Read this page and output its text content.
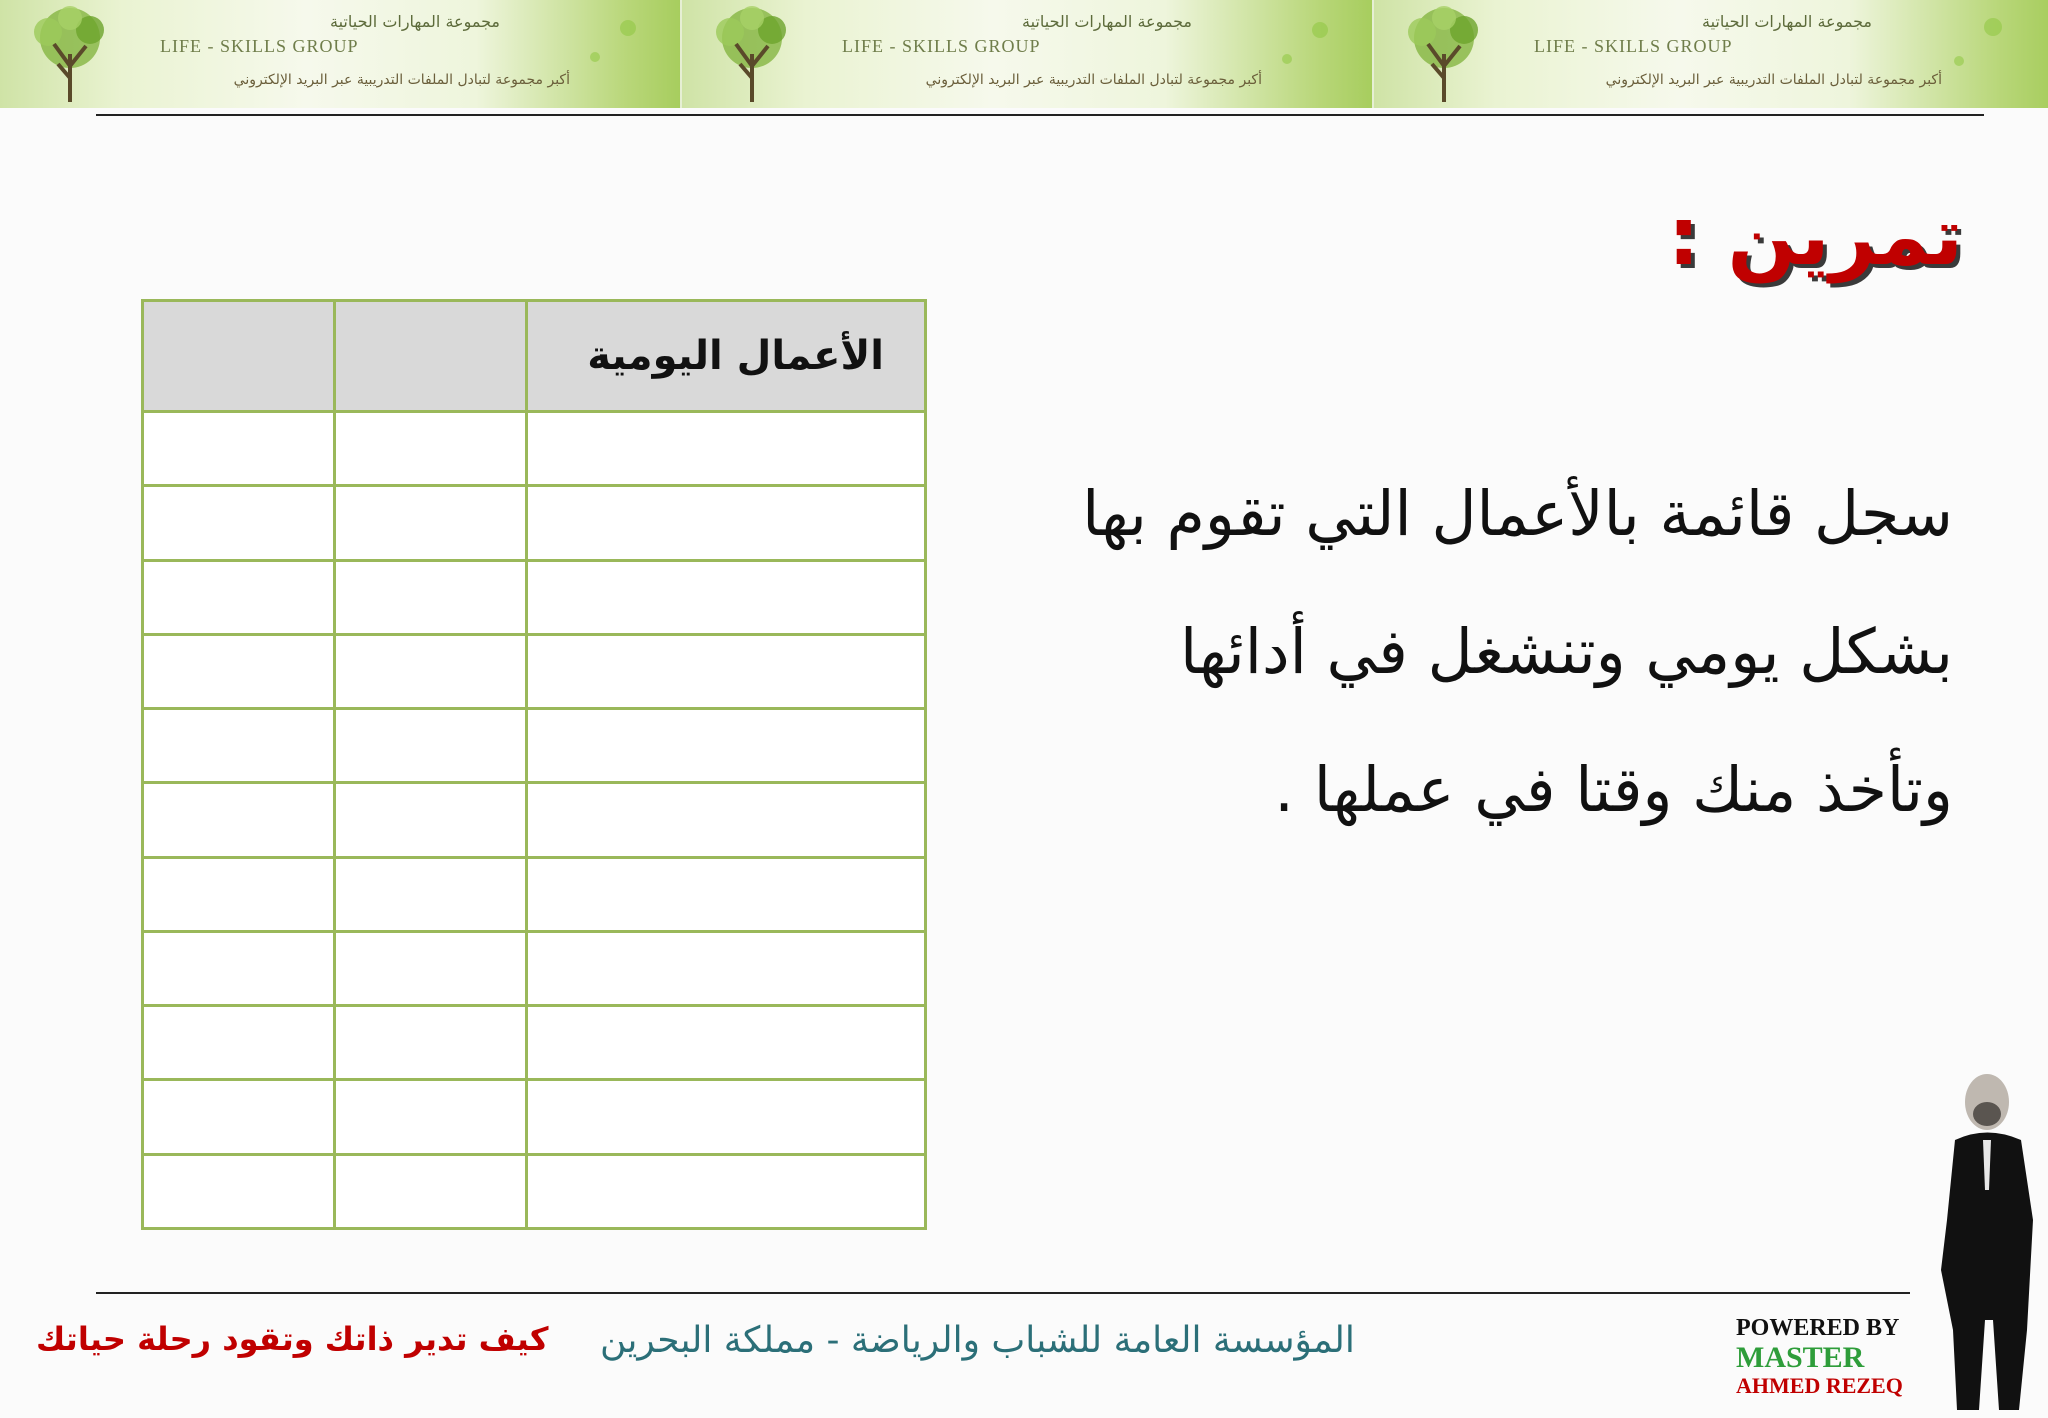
مجموعة المهارات الحياتية
LIFE - SKILLS GROUP
أكبر مجموعة لتبادل الملفات التدريبية عبر البريد الإلكتروني
مجموعة المهارات الحياتية
LIFE - SKILLS GROUP
أكبر مجموعة لتبادل الملفات التدريبية عبر البريد الإلكتروني
مجموعة المهارات الحياتية
LIFE - SKILLS GROUP
أكبر مجموعة لتبادل الملفات التدريبية عبر البريد الإلكتروني
تمرين :
سجل قائمة بالأعمال التي تقوم بها بشكل يومي وتنشغل في أدائها وتأخذ منك وقتا في عملها .
		الأعمال اليومية

كيف تدير ذاتك وتقود رحلة حياتك المؤسسة العامة للشباب والرياضة - مملكة البحرين	POWERED BY
MASTER
AHMED REZEQ
